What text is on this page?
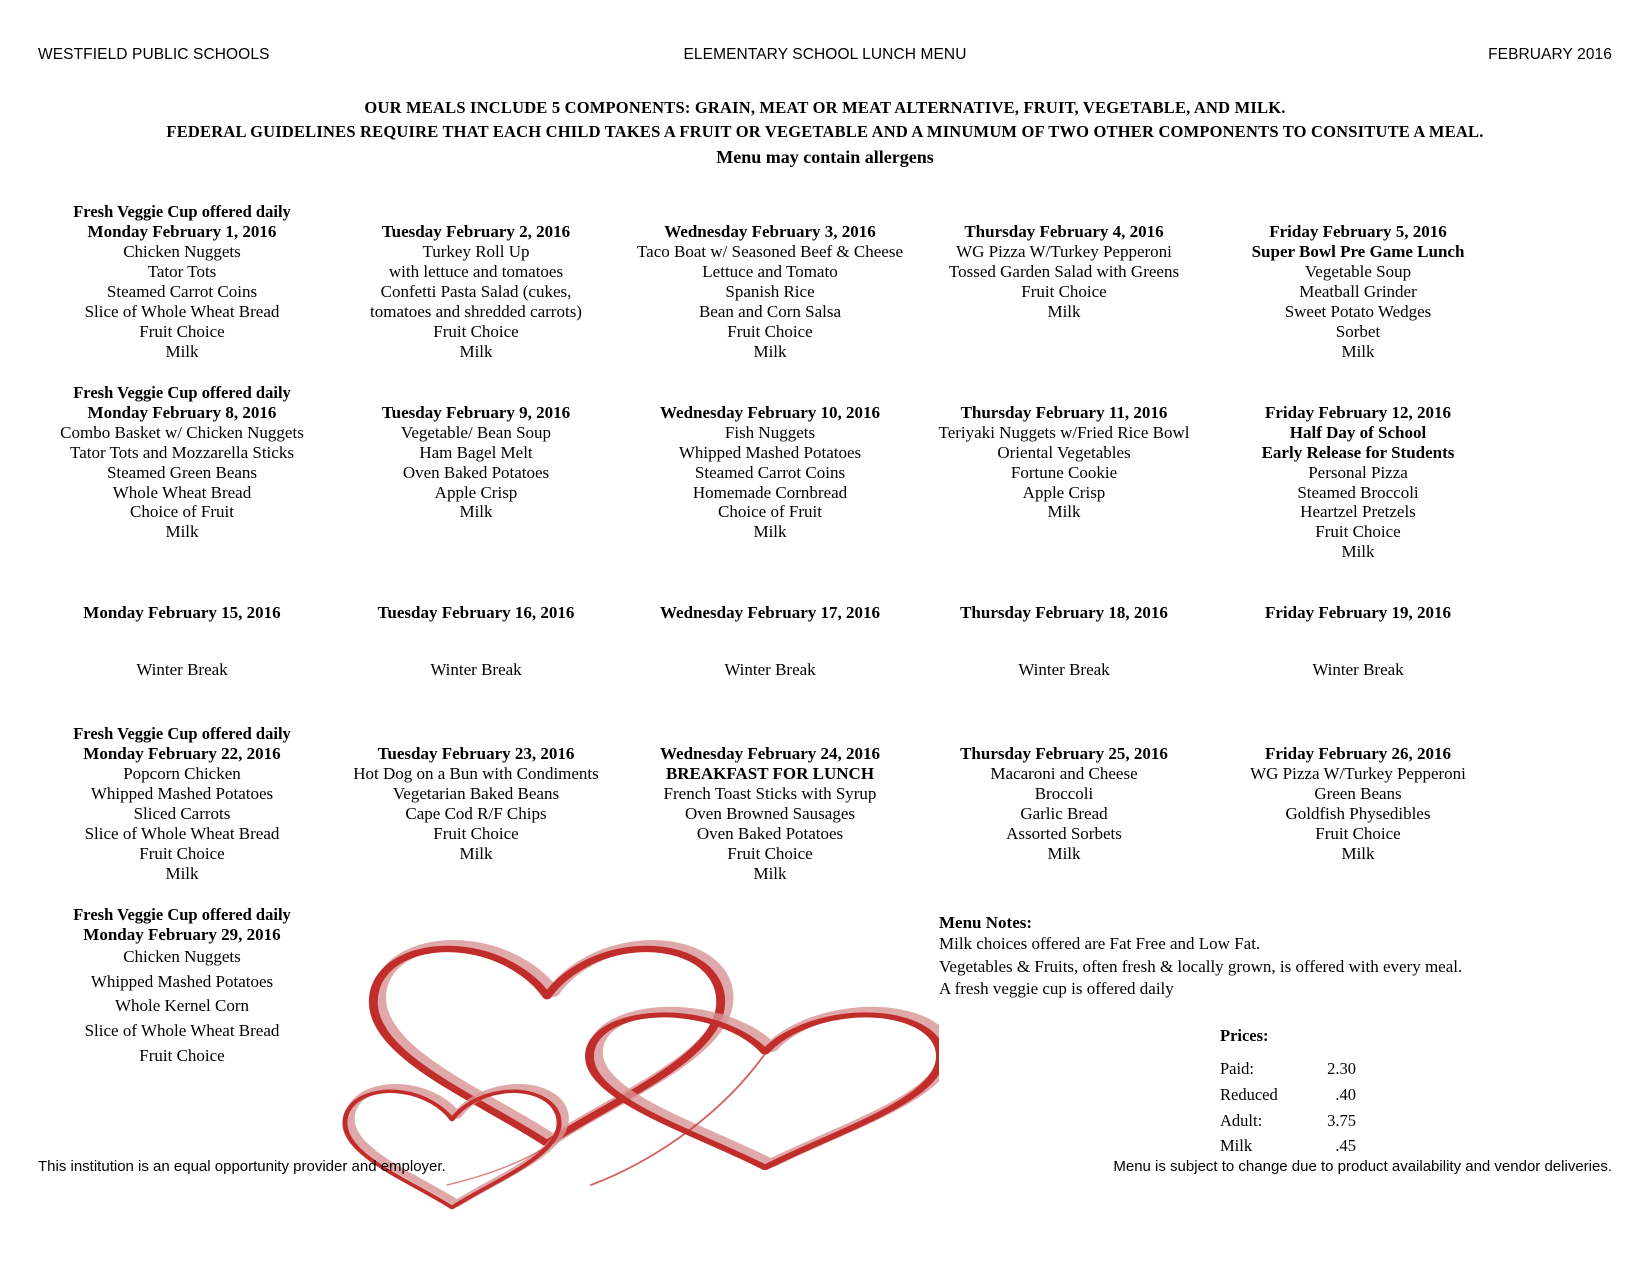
WESTFIELD PUBLIC SCHOOLS	ELEMENTARY SCHOOL LUNCH MENU	FEBRUARY 2016
OUR MEALS INCLUDE 5 COMPONENTS: GRAIN, MEAT OR MEAT ALTERNATIVE, FRUIT, VEGETABLE, AND MILK.
FEDERAL GUIDELINES REQUIRE THAT EACH CHILD TAKES A FRUIT OR VEGETABLE AND A MINUMUM OF TWO OTHER COMPONENTS TO CONSITUTE A MEAL.
Menu may contain allergens
Fresh Veggie Cup offered daily
Monday February 1, 2016
Chicken Nuggets
Tator Tots
Steamed Carrot Coins
Slice of Whole Wheat Bread
Fruit Choice
Milk
Tuesday February 2, 2016
Turkey Roll Up
with lettuce and tomatoes
Confetti Pasta Salad (cukes,
tomatoes and shredded carrots)
Fruit Choice
Milk
Wednesday February 3, 2016
Taco Boat w/ Seasoned Beef & Cheese
Lettuce and Tomato
Spanish Rice
Bean and Corn Salsa
Fruit Choice
Milk
Thursday February 4, 2016
WG Pizza W/Turkey Pepperoni
Tossed Garden Salad with Greens
Fruit Choice
Milk
Friday February 5, 2016
Super Bowl Pre Game Lunch
Vegetable Soup
Meatball Grinder
Sweet Potato Wedges
Sorbet
Milk
Fresh Veggie Cup offered daily
Monday February 8, 2016
Combo Basket w/ Chicken Nuggets
Tator Tots and Mozzarella Sticks
Steamed Green Beans
Whole Wheat Bread
Choice of Fruit
Milk
Tuesday February 9, 2016
Vegetable/ Bean Soup
Ham Bagel Melt
Oven Baked Potatoes
Apple Crisp
Milk
Wednesday February 10, 2016
Fish Nuggets
Whipped Mashed Potatoes
Steamed Carrot Coins
Homemade Cornbread
Choice of Fruit
Milk
Thursday February 11, 2016
Teriyaki Nuggets w/Fried Rice Bowl
Oriental Vegetables
Fortune Cookie
Apple Crisp
Milk
Friday February 12, 2016
Half Day of School
Early Release for Students
Personal Pizza
Steamed Broccoli
Heartzel Pretzels
Fruit Choice
Milk
Monday February 15, 2016
Winter Break
Tuesday February 16, 2016
Winter Break
Wednesday February 17, 2016
Winter Break
Thursday February 18, 2016
Winter Break
Friday February 19, 2016
Winter Break
Fresh Veggie Cup offered daily
Monday February 22, 2016
Popcorn Chicken
Whipped Mashed Potatoes
Sliced Carrots
Slice of Whole Wheat Bread
Fruit Choice
Milk
Tuesday February 23, 2016
Hot Dog on a Bun with Condiments
Vegetarian Baked Beans
Cape Cod R/F Chips
Fruit Choice
Milk
Wednesday February 24, 2016
BREAKFAST FOR LUNCH
French Toast Sticks with Syrup
Oven Browned Sausages
Oven Baked Potatoes
Fruit Choice
Milk
Thursday February 25, 2016
Macaroni and Cheese
Broccoli
Garlic Bread
Assorted Sorbets
Milk
Friday February 26, 2016
WG Pizza W/Turkey Pepperoni
Green Beans
Goldfish Physedibles
Fruit Choice
Milk
Fresh Veggie Cup offered daily
Monday February 29, 2016
Chicken Nuggets
Whipped Mashed Potatoes
Whole Kernel Corn
Slice of Whole Wheat Bread
Fruit Choice
Menu Notes:
Milk choices offered are Fat Free and Low Fat.
Vegetables & Fruits, often fresh & locally grown, is offered with every meal.
A fresh veggie cup is offered daily
Prices:
Paid:	2.30
Reduced	.40
Adult:	3.75
Milk	.45
This institution is an equal opportunity provider and employer.	Menu is subject to change due to product availability and vendor deliveries.
